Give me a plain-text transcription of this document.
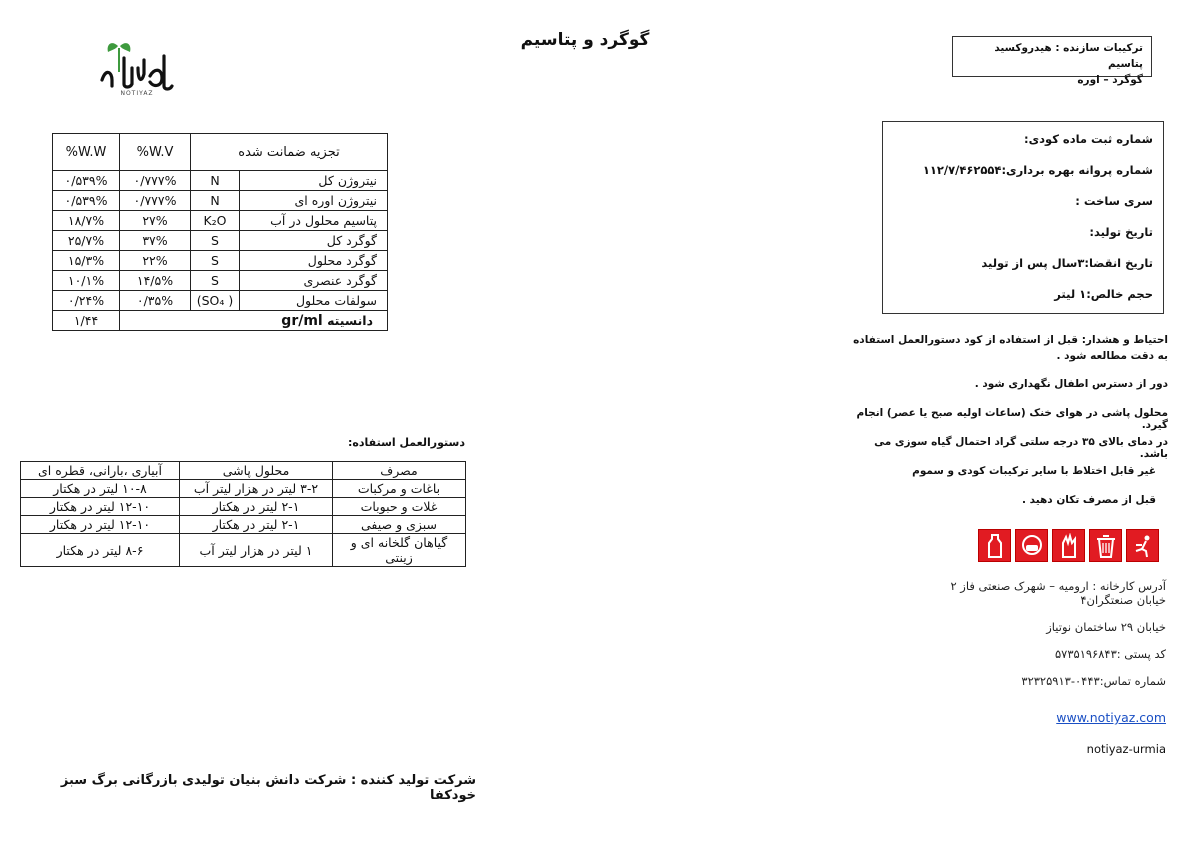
NOTIYAZ
گوگرد و پتاسیم	ترکیبات سازنده : هیدروکسید پتاسیم
گوگرد – اوره
شماره ثبت ماده کودی:
شماره پروانه بهره برداری:۱۱۲/۷/۴۶۲۵۵۴
سری ساخت :
تاریخ تولید:
تاریخ انقضا:۳سال پس از تولید
حجم خالص:۱ لیتر
%W.W	%W.V	تجزیه ضمانت شده	
۰/۵۳۹%	۰/۷۷۷%	N	نیتروژن کل
۰/۵۳۹%	۰/۷۷۷%	N	نیتروژن اوره ای
۱۸/۷%	۲۷%	K₂O	پتاسیم محلول در آب
۲۵/۷%	۳۷%	S	گوگرد کل
۱۵/۳%	۲۲%	S	گوگرد محلول
۱۰/۱%	۱۴/۵%	S	گوگرد عنصری
۰/۲۴%	۰/۳۵%	(SO₄ )	سولفات محلول
۱/۴۴	دانسیته gr/ml		
دستورالعمل استفاده:
آبیاری ،بارانی، قطره ای	محلول پاشی	مصرف
۱۰-۸ لیتر در هکتار	۳-۲ لیتر در هزار لیتر آب	باغات و مرکبات
۱۲-۱۰ لیتر در هکتار	۲-۱ لیتر در هکتار	غلات و حبوبات
۱۲-۱۰ لیتر در هکتار	۲-۱ لیتر در هکتار	سبزی و صیفی
۸-۶ لیتر در هکتار	۱ لیتر در هزار لیتر آب	گیاهان گلخانه ای و زینتی

احتیاط و هشدار: قبل از استفاده از کود دستورالعمل استفاده به دقت مطالعه شود .

دور از دسترس اطفال نگهداری شود .

محلول پاشی در هوای خنک (ساعات اولیه صبح یا عصر) انجام گیرد.

در دمای بالای ۳۵ درجه سلتی گراد احتمال گیاه سوزی می باشد.

غیر قابل اختلاط با سایر ترکیبات کودی و سموم

قبل از مصرف تکان دهید .

آدرس کارخانه : ارومیه – شهرک صنعتی فاز ۲
خیابان صنعتگران۴
خیابان ۲۹ ساختمان نوتیاز
کد پستی :۵۷۳۵۱۹۶۸۴۳
شماره تماس:۰۴۴۳-۳۲۳۲۵۹۱۳
www.notiyaz.com
notiyaz-urmia
شرکت تولید کننده : شرکت دانش بنیان تولیدی بازرگانی برگ سبز خودکفا
